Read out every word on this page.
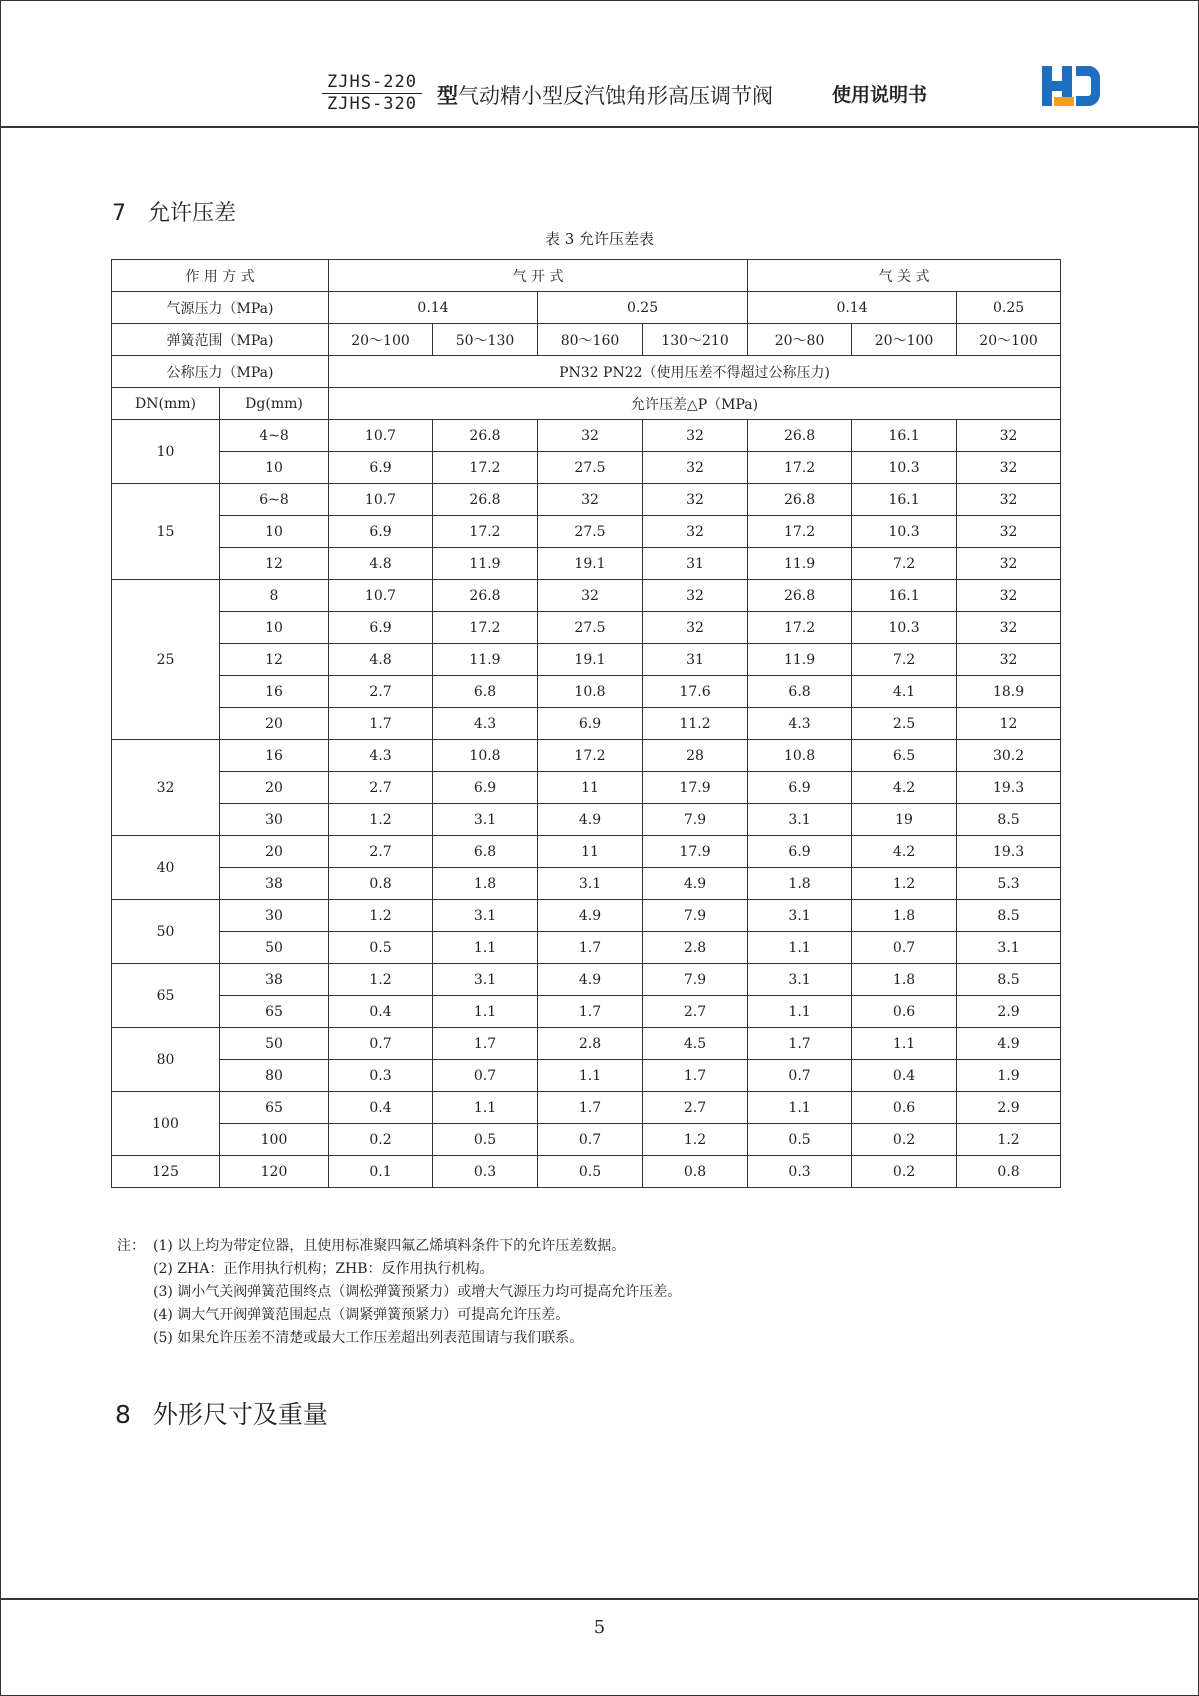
ZJHS-220
ZJHS-320 型气动精小型反汽蚀角形高压调节阀	使用说明书
7 允许压差
表 3 允许压差表
作 用 方 式		气 开 式				气 关 式		
气源压力（MPa)		0.14		0.25		0.14		0.25
弹簧范围（MPa)		20～100	50～130	80～160	130～210	20～80	20～100	20～100
公称压力（MPa)		PN32 PN22（使用压差不得超过公称压力)						
DN(mm)	Dg(mm)	允许压差△P（MPa)						
10	4~8	10.7	26.8	32	32	26.8	16.1	32
	10	6.9	17.2	27.5	32	17.2	10.3	32
15	6~8	10.7	26.8	32	32	26.8	16.1	32
	10	6.9	17.2	27.5	32	17.2	10.3	32
	12	4.8	11.9	19.1	31	11.9	7.2	32
25	8	10.7	26.8	32	32	26.8	16.1	32
	10	6.9	17.2	27.5	32	17.2	10.3	32
	12	4.8	11.9	19.1	31	11.9	7.2	32
	16	2.7	6.8	10.8	17.6	6.8	4.1	18.9
	20	1.7	4.3	6.9	11.2	4.3	2.5	12
32	16	4.3	10.8	17.2	28	10.8	6.5	30.2
	20	2.7	6.9	11	17.9	6.9	4.2	19.3
	30	1.2	3.1	4.9	7.9	3.1	19	8.5
40	20	2.7	6.8	11	17.9	6.9	4.2	19.3
	38	0.8	1.8	3.1	4.9	1.8	1.2	5.3
50	30	1.2	3.1	4.9	7.9	3.1	1.8	8.5
	50	0.5	1.1	1.7	2.8	1.1	0.7	3.1
65	38	1.2	3.1	4.9	7.9	3.1	1.8	8.5
	65	0.4	1.1	1.7	2.7	1.1	0.6	2.9
80	50	0.7	1.7	2.8	4.5	1.7	1.1	4.9
	80	0.3	0.7	1.1	1.7	0.7	0.4	1.9
100	65	0.4	1.1	1.7	2.7	1.1	0.6	2.9
	100	0.2	0.5	0.7	1.2	0.5	0.2	1.2
125	120	0.1	0.3	0.5	0.8	0.3	0.2	0.8
注： (1) 以上均为带定位器，且使用标准聚四氟乙烯填料条件下的允许压差数据。
(2) ZHA：正作用执行机构；ZHB：反作用执行机构。
(3) 调小气关阀弹簧范围终点（调松弹簧预紧力）或增大气源压力均可提高允许压差。
(4) 调大气开阀弹簧范围起点（调紧弹簧预紧力）可提高允许压差。
(5) 如果允许压差不清楚或最大工作压差超出列表范围请与我们联系。
8 外形尺寸及重量
5
